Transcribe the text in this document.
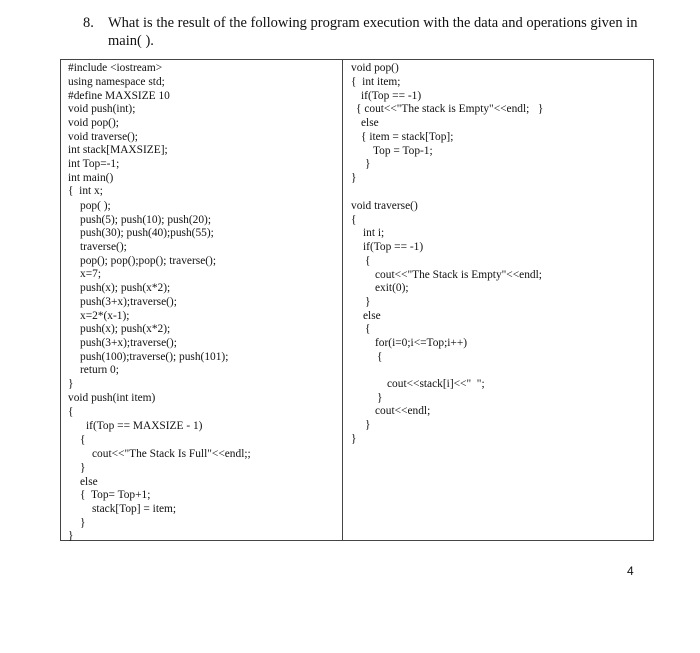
8. What is the result of the following program execution with the data and operations given in main( ).
#include <iostream>
using namespace std;
#define MAXSIZE 10
void push(int);
void pop();
void traverse();
int stack[MAXSIZE];
int Top=-1;
int main()
{  int x;
pop( );
push(5); push(10); push(20);
push(30); push(40);push(55);
traverse();
pop(); pop();pop(); traverse();
x=7;
push(x); push(x*2);
push(3+x);traverse();
x=2*(x-1);
push(x); push(x*2);
push(3+x);traverse();
push(100);traverse(); push(101);
return 0;
}
void push(int item)
{
if(Top == MAXSIZE - 1)
{
cout<<"The Stack Is Full"<<endl;;
}
else
{  Top= Top+1;
stack[Top] = item;
}
}
void pop()
{  int item;
if(Top == -1)
{ cout<<"The stack is Empty"<<endl;   }
else
{ item = stack[Top];
Top = Top-1;
}
}
void traverse()
{
int i;
if(Top == -1)
{
cout<<"The Stack is Empty"<<endl;
exit(0);
}
else
{
for(i=0;i<=Top;i++)
{
cout<<stack[i]<<"  ";
}
cout<<endl;
}
}
4
